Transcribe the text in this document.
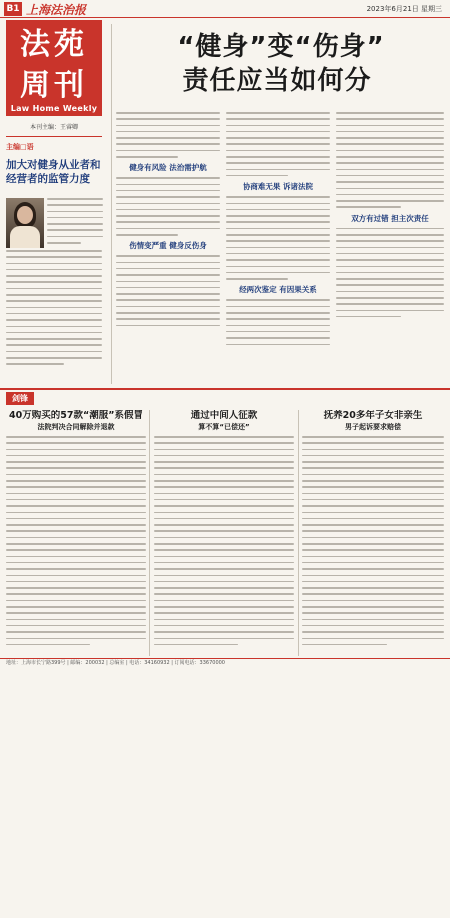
B1 上海法治报	2023年6月21日 星期三
法苑
周刊
Law Home Weekly
本刊主编：王睿卿
主编□语
加大对健身从业者和经营者的监管力度
“健身”变“伤身”
责任应当如何分
健身有风险 法治需护航
伤情变严重 健身反伤身
协商难无果 诉诸法院
经两次鉴定 有因果关系
双方有过错 担主次责任
剑锋
40万购买的57款“潮服”系假冒
法院判决合同解除并退款
通过中间人征款
算不算“已偿还”
抚养20多年子女非亲生
男子起诉要求赔偿
地址：上海市长宁路399号 | 邮编：200032 | 总编室 | 电话：34160932 | 订阅电话：33670000
